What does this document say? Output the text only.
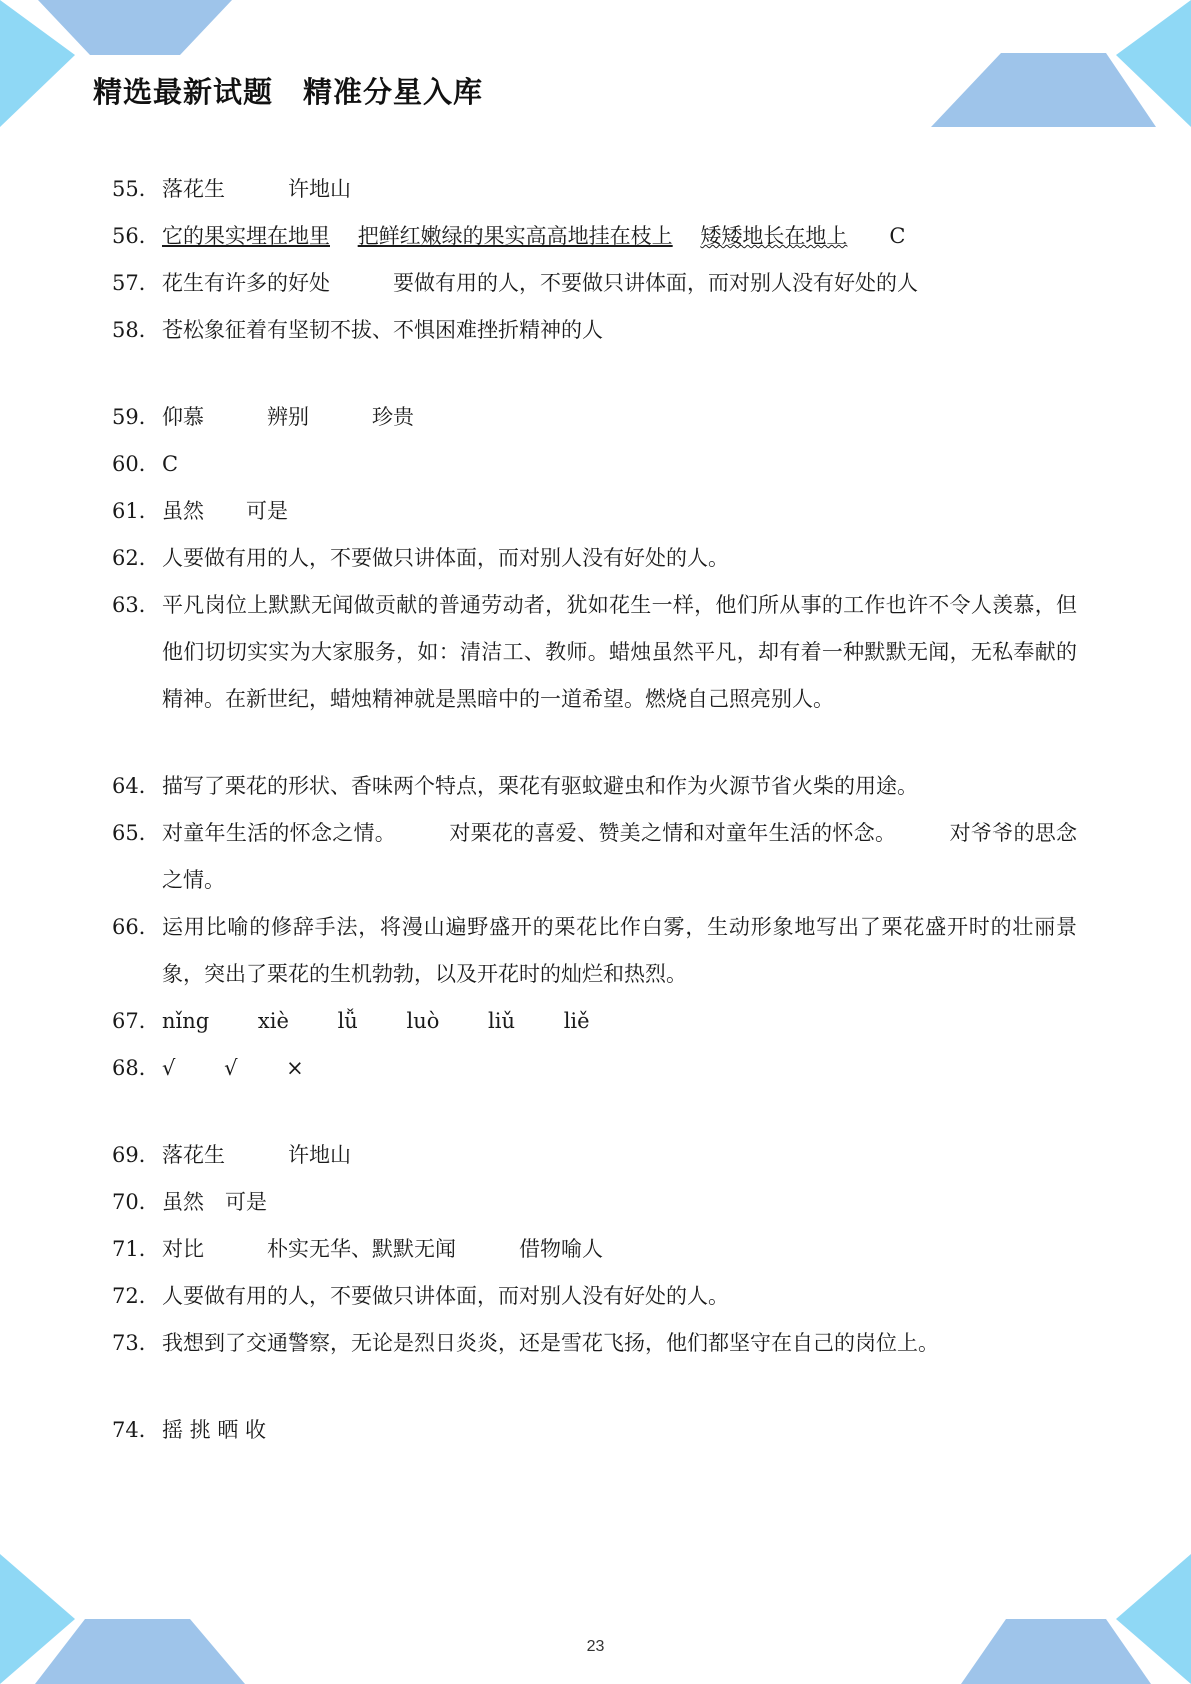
精选最新试题　精准分星入库
55． 落花生　　　许地山
56． 它的果实埋在地里　 把鲜红嫩绿的果实高高地挂在枝上　 矮矮地长在地上　　C
57． 花生有许多的好处　　　要做有用的人，不要做只讲体面，而对别人没有好处的人
58． 苍松象征着有坚韧不拔、不惧困难挫折精神的人
59． 仰慕　　　辨别　　　珍贵
60． C
61． 虽然　　可是
62． 人要做有用的人，不要做只讲体面，而对别人没有好处的人。
63． 平凡岗位上默默无闻做贡献的普通劳动者，犹如花生一样，他们所从事的工作也许不令人羡慕，但他们切切实实为大家服务，如：清洁工、教师。蜡烛虽然平凡，却有着一种默默无闻，无私奉献的精神。在新世纪，蜡烛精神就是黑暗中的一道希望。燃烧自己照亮别人。
64． 描写了栗花的形状、香味两个特点，栗花有驱蚊避虫和作为火源节省火柴的用途。
65． 对童年生活的怀念之情。　　　对栗花的喜爱、赞美之情和对童年生活的怀念。　　　对爷爷的思念之情。
66． 运用比喻的修辞手法，将漫山遍野盛开的栗花比作白雾，生动形象地写出了栗花盛开时的壮丽景象，突出了栗花的生机勃勃，以及开花时的灿烂和热烈。
67． nǐng　　 xiè　　 lǚ　　 luò　　 liǔ　　 liě
68． √　　 √　　 ×
69． 落花生　　　许地山
70． 虽然　可是
71． 对比　　　朴实无华、默默无闻　　　借物喻人
72． 人要做有用的人，不要做只讲体面，而对别人没有好处的人。
73． 我想到了交通警察，无论是烈日炎炎，还是雪花飞扬，他们都坚守在自己的岗位上。
74． 摇 挑 晒 收
23
